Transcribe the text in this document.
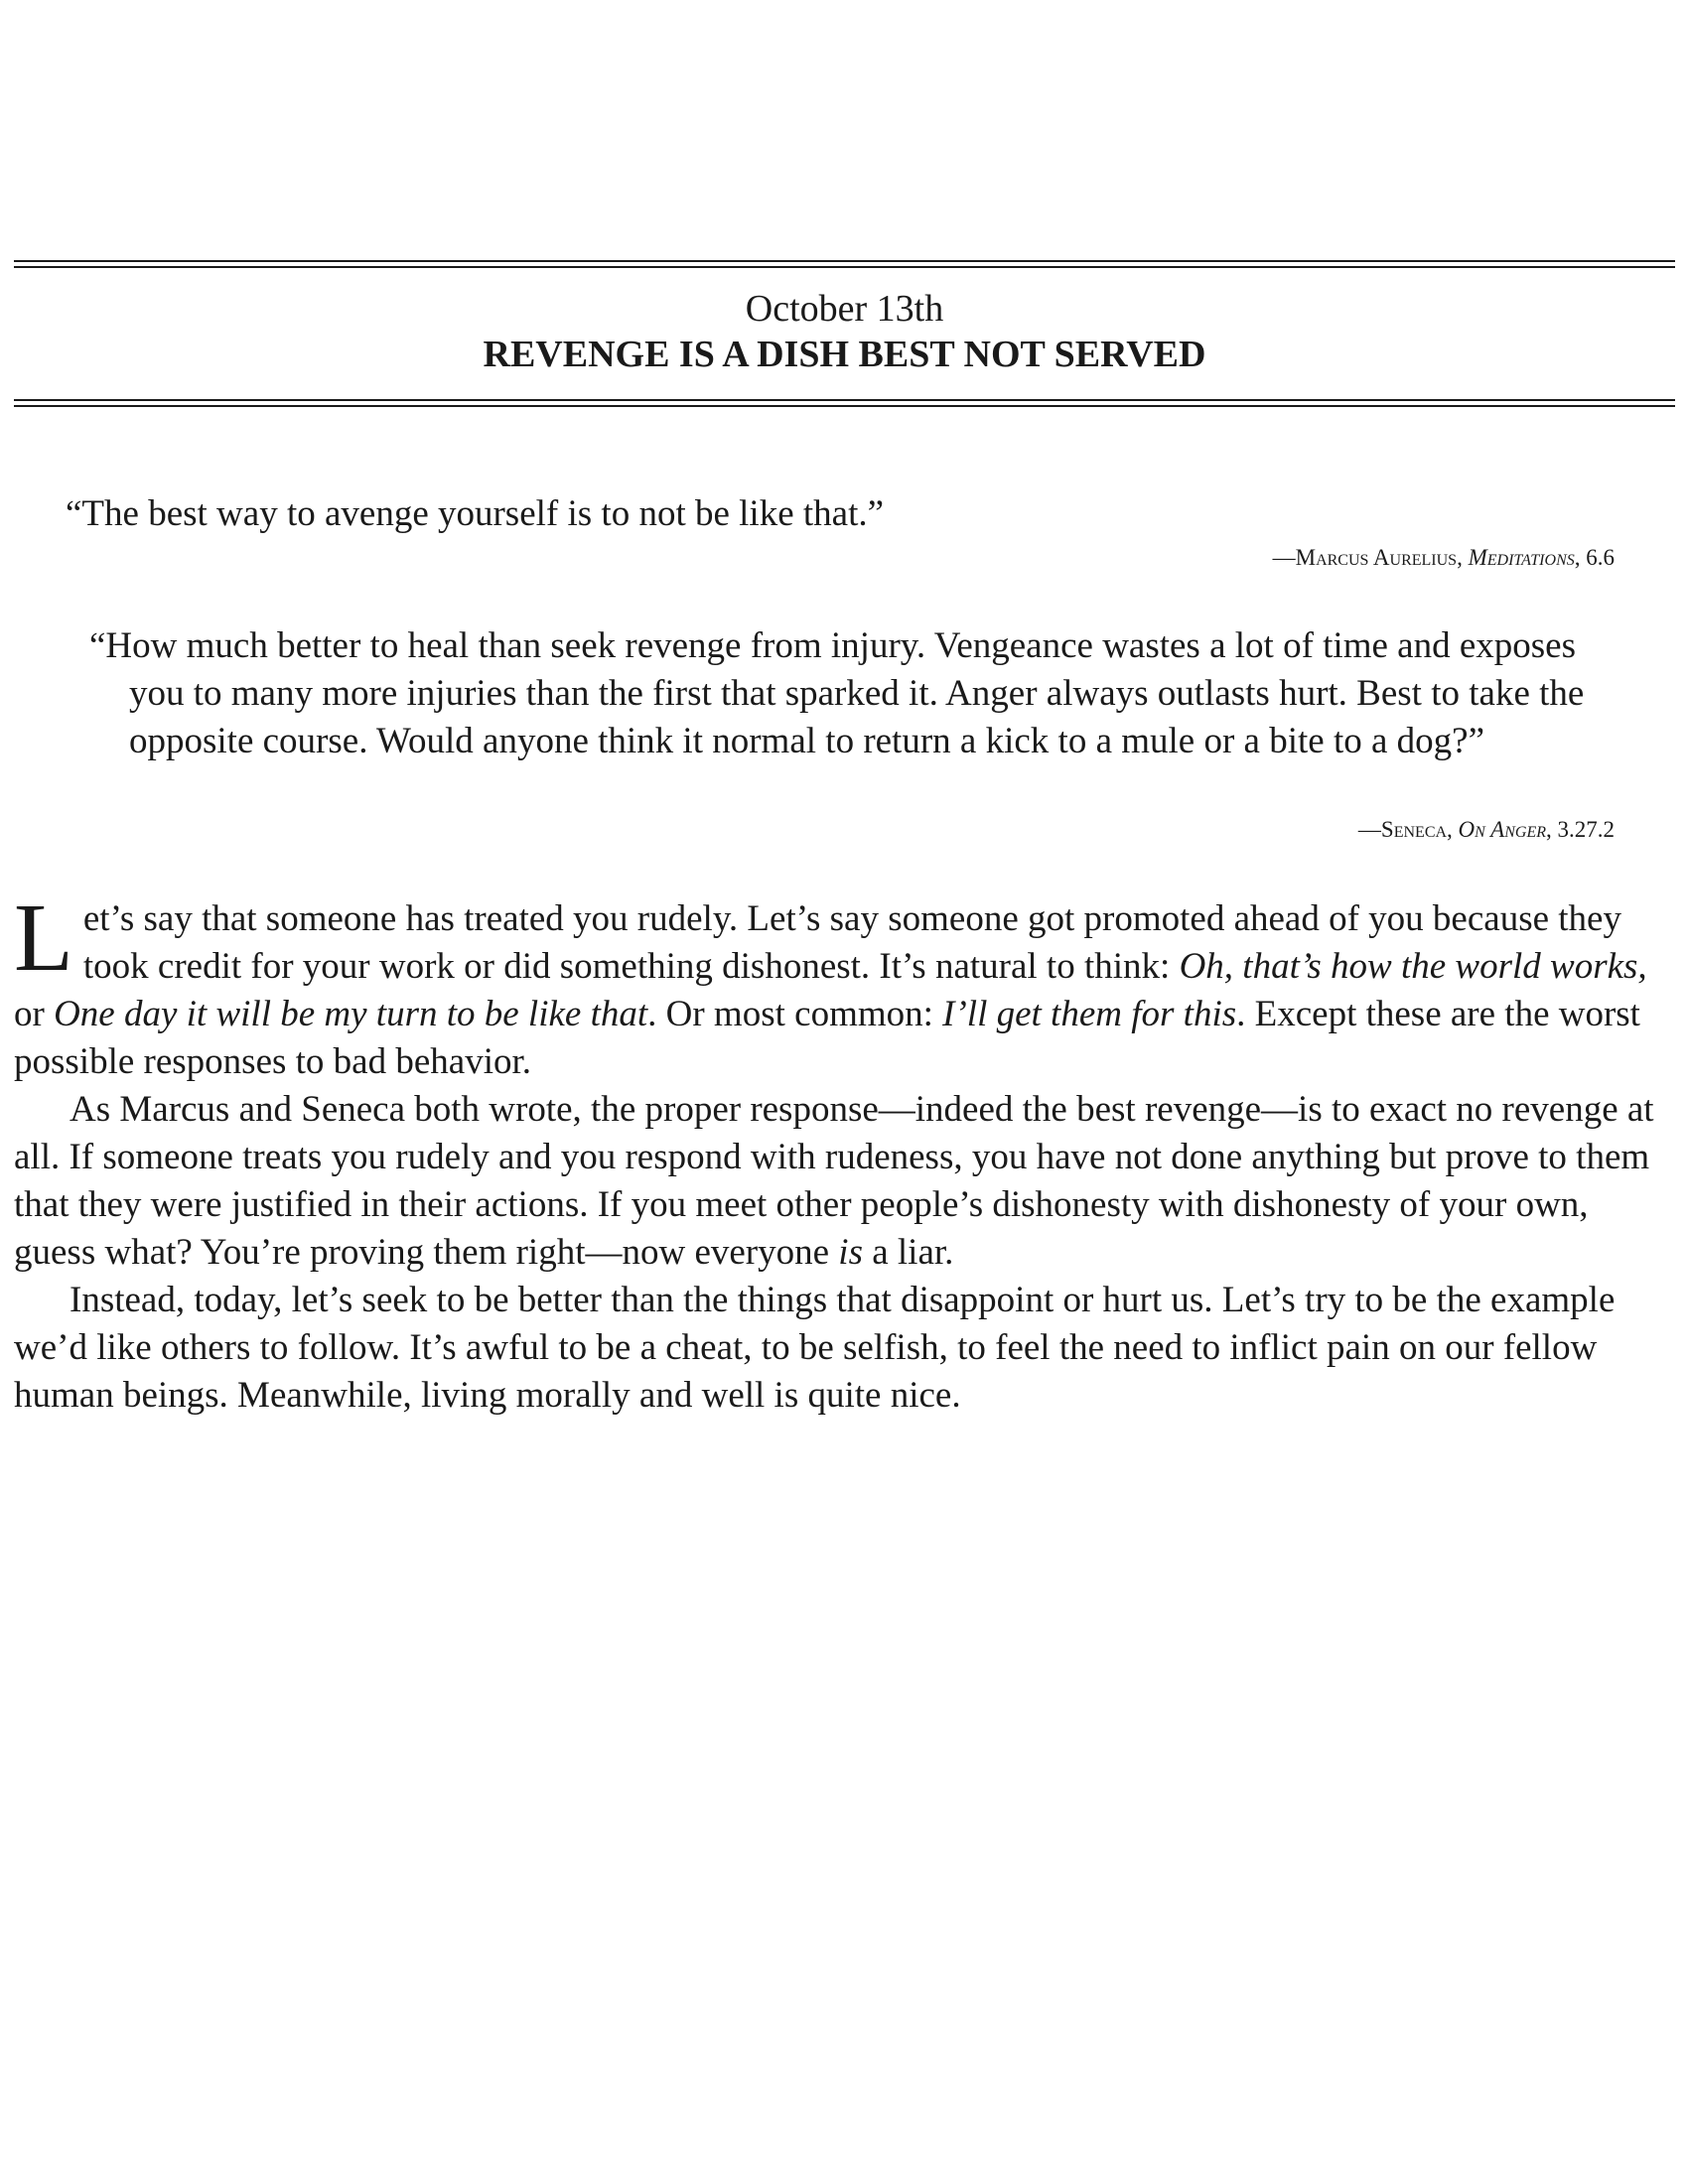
October 13th
REVENGE IS A DISH BEST NOT SERVED
“The best way to avenge yourself is to not be like that.”
—Marcus Aurelius, Meditations, 6.6
“How much better to heal than seek revenge from injury. Vengeance wastes a lot of time and exposes you to many more injuries than the first that sparked it. Anger always outlasts hurt. Best to take the opposite course. Would anyone think it normal to return a kick to a mule or a bite to a dog?”
—Seneca, On Anger, 3.27.2

Let’s say that someone has treated you rudely. Let’s say someone got promoted ahead of you because they took credit for your work or did something dishonest. It’s natural to think: Oh, that’s how the world works, or One day it will be my turn to be like that. Or most common: I’ll get them for this. Except these are the worst possible responses to bad behavior.

As Marcus and Seneca both wrote, the proper response—indeed the best revenge—is to exact no revenge at all. If someone treats you rudely and you respond with rudeness, you have not done anything but prove to them that they were justified in their actions. If you meet other people’s dishonesty with dishonesty of your own, guess what? You’re proving them right—now everyone is a liar.

Instead, today, let’s seek to be better than the things that disappoint or hurt us. Let’s try to be the example we’d like others to follow. It’s awful to be a cheat, to be selfish, to feel the need to inflict pain on our fellow human beings. Meanwhile, living morally and well is quite nice.
